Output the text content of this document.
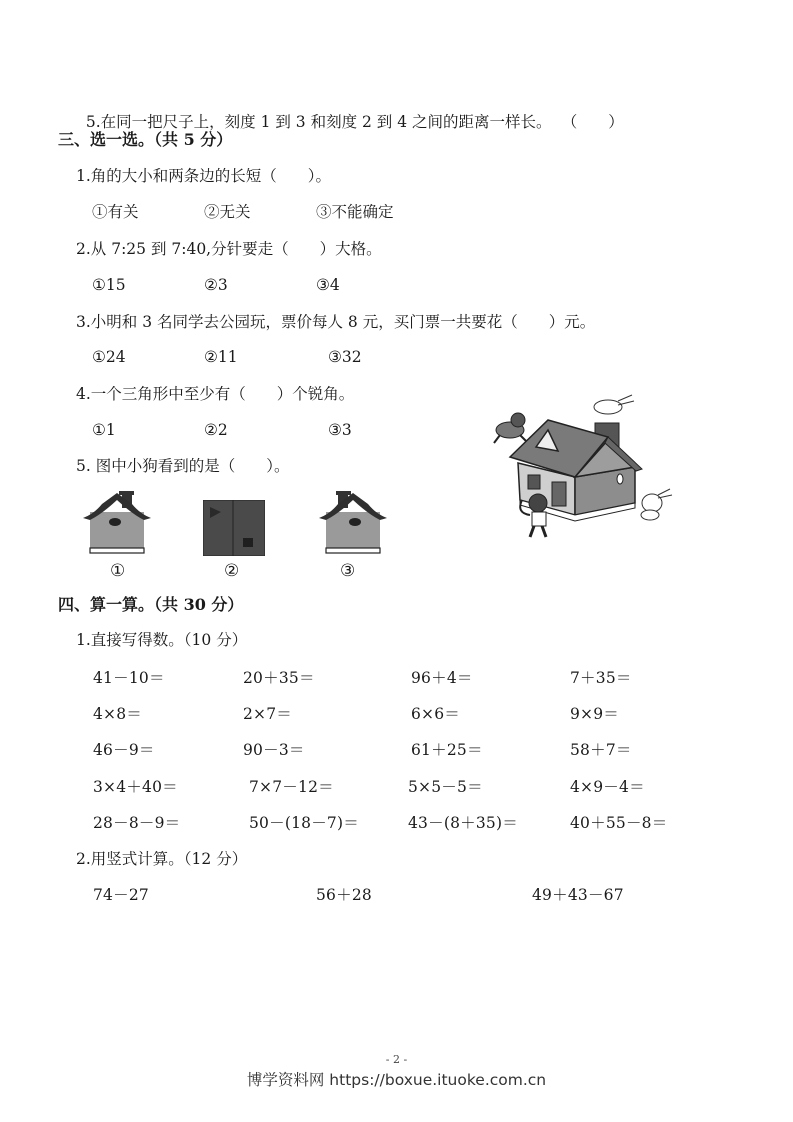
5.在同一把尺子上，刻度 1 到 3 和刻度 2 到 4 之间的距离一样长。 （　　）

三、选一选。（共 5 分）
1.角的大小和两条边的长短（　　）。
①有关	②无关	③不能确定
2.从 7:25 到 7:40,分针要走（　　）大格。
①15	②3	③4
3.小明和 3 名同学去公园玩，票价每人 8 元，买门票一共要花（　　）元。
①24	②11	③32
4.一个三角形中至少有（　　）个锐角。
①1	②2	③3
5. 图中小狗看到的是（　　）。
①	②	③
四、算一算。（共 30 分）
1.直接写得数。（10 分）
41－10＝	20＋35＝	96＋4＝	7＋35＝
4×8＝	2×7＝	6×6＝	9×9＝
46－9＝	90－3＝	61＋25＝	58＋7＝
3×4＋40＝	7×7－12＝	5×5－5＝	4×9－4＝
28－8－9＝	50－(18－7)＝	43－(8＋35)＝	40＋55－8＝
2.用竖式计算。（12 分）
74－27	56＋28	49＋43－67
- 2 -
博学资料网 https://boxue.ituoke.com.cn
